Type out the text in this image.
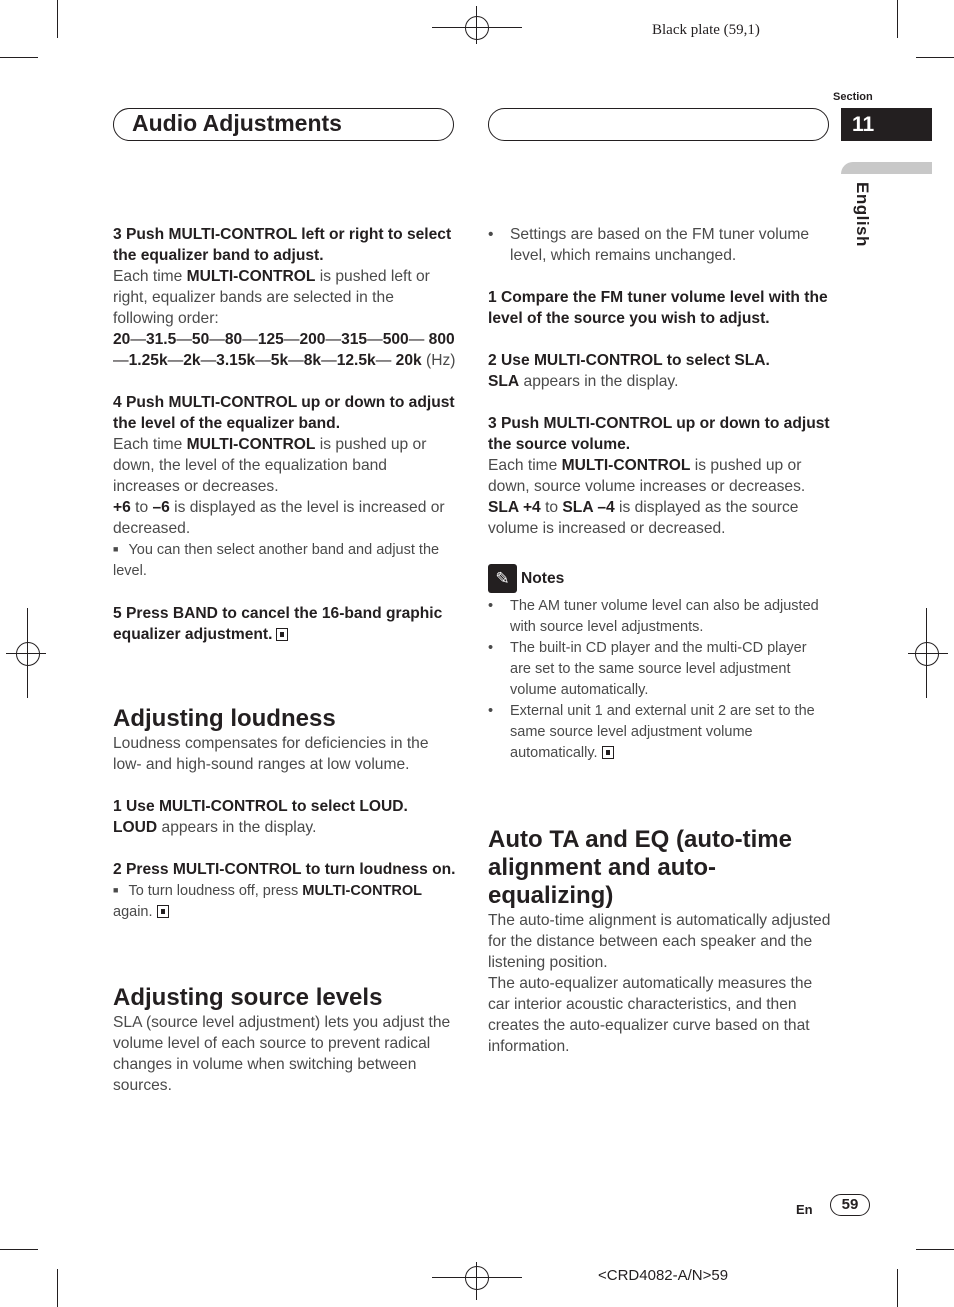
Black plate (59,1)
Section
11
English
Audio Adjustments

3 Push MULTI-CONTROL left or right to select the equalizer band to adjust.

Each time MULTI-CONTROL is pushed left or right, equalizer bands are selected in the following order:

20—31.5—50—80—125—200—315—500— 800—1.25k—2k—3.15k—5k—8k—12.5k— 20k (Hz)

4 Push MULTI-CONTROL up or down to adjust the level of the equalizer band.

Each time MULTI-CONTROL is pushed up or down, the level of the equalization band increases or decreases.

+6 to –6 is displayed as the level is increased or decreased.

■ You can then select another band and adjust the level.

5 Press BAND to cancel the 16-band graphic equalizer adjustment.

Adjusting loudness

Loudness compensates for deficiencies in the low- and high-sound ranges at low volume.

1 Use MULTI-CONTROL to select LOUD.

LOUD appears in the display.

2 Press MULTI-CONTROL to turn loudness on.

■ To turn loudness off, press MULTI-CONTROL again.

Adjusting source levels

SLA (source level adjustment) lets you adjust the volume level of each source to prevent radical changes in volume when switching between sources.

•	Settings are based on the FM tuner volume level, which remains unchanged.

1 Compare the FM tuner volume level with the level of the source you wish to adjust.

2 Use MULTI-CONTROL to select SLA.

SLA appears in the display.

3 Push MULTI-CONTROL up or down to adjust the source volume.

Each time MULTI-CONTROL is pushed up or down, source volume increases or decreases.

SLA +4 to SLA –4 is displayed as the source volume is increased or decreased.

✎ Notes

•	The AM tuner volume level can also be adjusted with source level adjustments.
•	The built-in CD player and the multi-CD player are set to the same source level adjustment volume automatically.
•	External unit 1 and external unit 2 are set to the same source level adjustment volume automatically.

Auto TA and EQ (auto-time alignment and auto-equalizing)

The auto-time alignment is automatically adjusted for the distance between each speaker and the listening position.

The auto-equalizer automatically measures the car interior acoustic characteristics, and then creates the auto-equalizer curve based on that information.

En	59
<CRD4082-A/N>59
